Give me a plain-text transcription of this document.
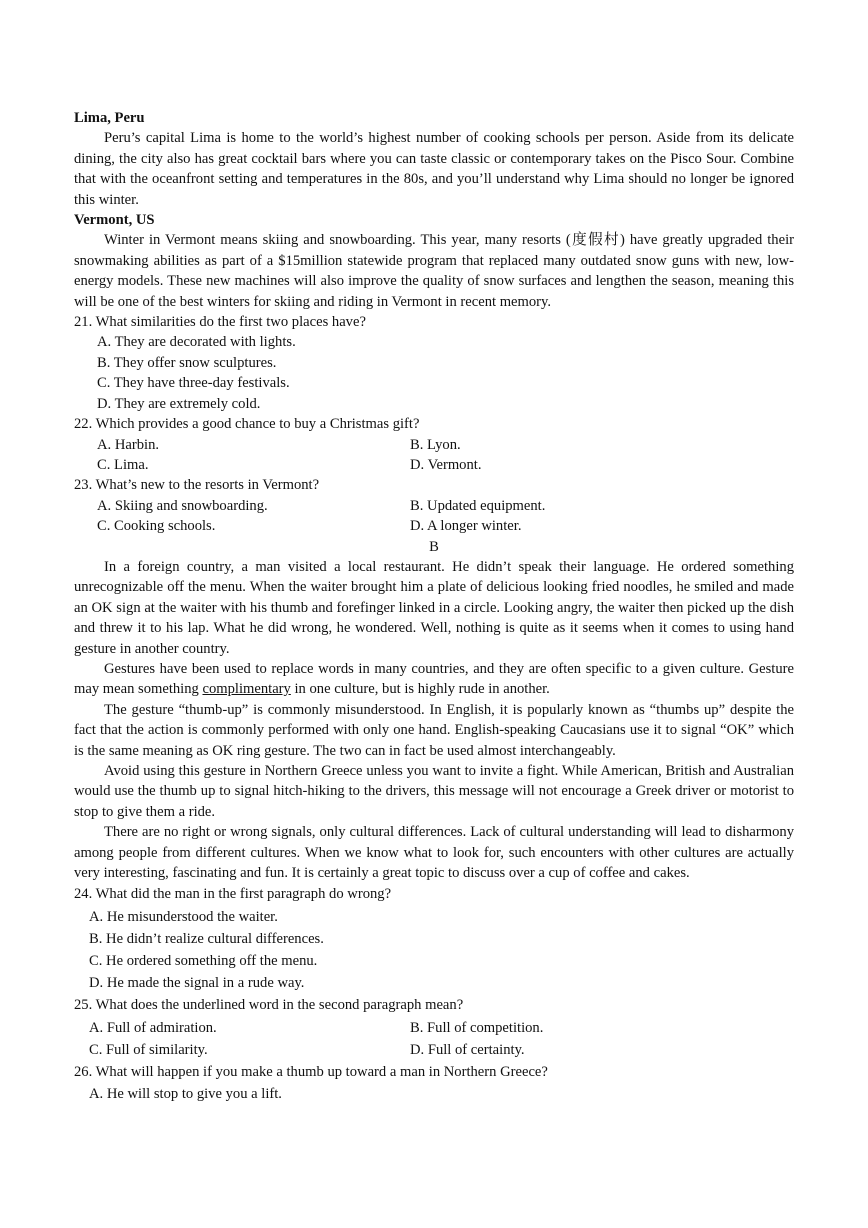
Lima, Peru

Peru’s capital Lima is home to the world’s highest number of cooking schools per person. Aside from its delicate dining, the city also has great cocktail bars where you can taste classic or contemporary takes on the Pisco Sour. Combine that with the oceanfront setting and temperatures in the 80s, and you’ll understand why Lima should no longer be ignored this winter.

Vermont, US

Winter in Vermont means skiing and snowboarding. This year, many resorts (度假村) have greatly upgraded their snowmaking abilities as part of a $15million statewide program that replaced many outdated snow guns with new, low-energy models. These new machines will also improve the quality of snow surfaces and lengthen the season, meaning this will be one of the best winters for skiing and riding in Vermont in recent memory.

21. What similarities do the first two places have?
A. They are decorated with lights.
B. They offer snow sculptures.
C. They have three-day festivals.
D. They are extremely cold.
22. Which provides a good chance to buy a Christmas gift?
A. Harbin.	B. Lyon.
C. Lima.	D. Vermont.
23. What’s new to the resorts in Vermont?
A. Skiing and snowboarding.	B. Updated equipment.
C. Cooking schools.	D. A longer winter.
B

In a foreign country, a man visited a local restaurant. He didn’t speak their language. He ordered something unrecognizable off the menu. When the waiter brought him a plate of delicious looking fried noodles, he smiled and made an OK sign at the waiter with his thumb and forefinger linked in a circle. Looking angry, the waiter then picked up the dish and threw it to his lap. What he did wrong, he wondered. Well, nothing is quite as it seems when it comes to using hand gesture in another country.

Gestures have been used to replace words in many countries, and they are often specific to a given culture. Gesture may mean something complimentary in one culture, but is highly rude in another.

The gesture “thumb-up” is commonly misunderstood. In English, it is popularly known as “thumbs up” despite the fact that the action is commonly performed with only one hand. English-speaking Caucasians use it to signal “OK” which is the same meaning as OK ring gesture. The two can in fact be used almost interchangeably.

Avoid using this gesture in Northern Greece unless you want to invite a fight. While American, British and Australian would use the thumb up to signal hitch-hiking to the drivers, this message will not encourage a Greek driver or motorist to stop to give them a ride.

There are no right or wrong signals, only cultural differences. Lack of cultural understanding will lead to disharmony among people from different cultures. When we know what to look for, such encounters with other cultures are actually very interesting, fascinating and fun. It is certainly a great topic to discuss over a cup of coffee and cakes.

24. What did the man in the first paragraph do wrong?
A. He misunderstood the waiter.
B. He didn’t realize cultural differences.
C. He ordered something off the menu.
D. He made the signal in a rude way.
25. What does the underlined word in the second paragraph mean?
A. Full of admiration.	B. Full of competition.
C. Full of similarity.	D. Full of certainty.
26. What will happen if you make a thumb up toward a man in Northern Greece?
A. He will stop to give you a lift.
